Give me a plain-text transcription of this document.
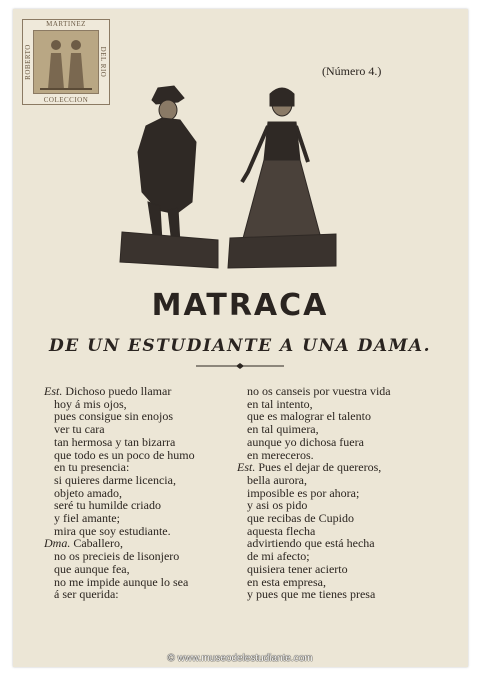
MARTINEZ
ROBERTO	DEL RIO
COLECCION
(Número 4.)
MATRACA
DE UN ESTUDIANTE A UNA DAMA.
Est. Dichoso puedo llamar
hoy á mis ojos,
pues consigue sin enojos
ver tu cara
tan hermosa y tan bizarra
que todo es un poco de humo
en tu presencia:
si quieres darme licencia,
objeto amado,
seré tu humilde criado
y fiel amante;
mira que soy estudiante.
Dma. Caballero,
no os precieis de lisonjero
que aunque fea,
no me impide aunque lo sea
á ser querida:
no os canseis por vuestra vida
en tal intento,
que es malograr el talento
en tal quimera,
aunque yo dichosa fuera
en mereceros.
Est. Pues el dejar de quereros,
bella aurora,
imposible es por ahora;
y asi os pido
que recibas de Cupido
aquesta flecha
advirtiendo que está hecha
de mi afecto;
quisiera tener acierto
en esta empresa,
y pues que me tienes presa
© www.museodelestudiante.com
